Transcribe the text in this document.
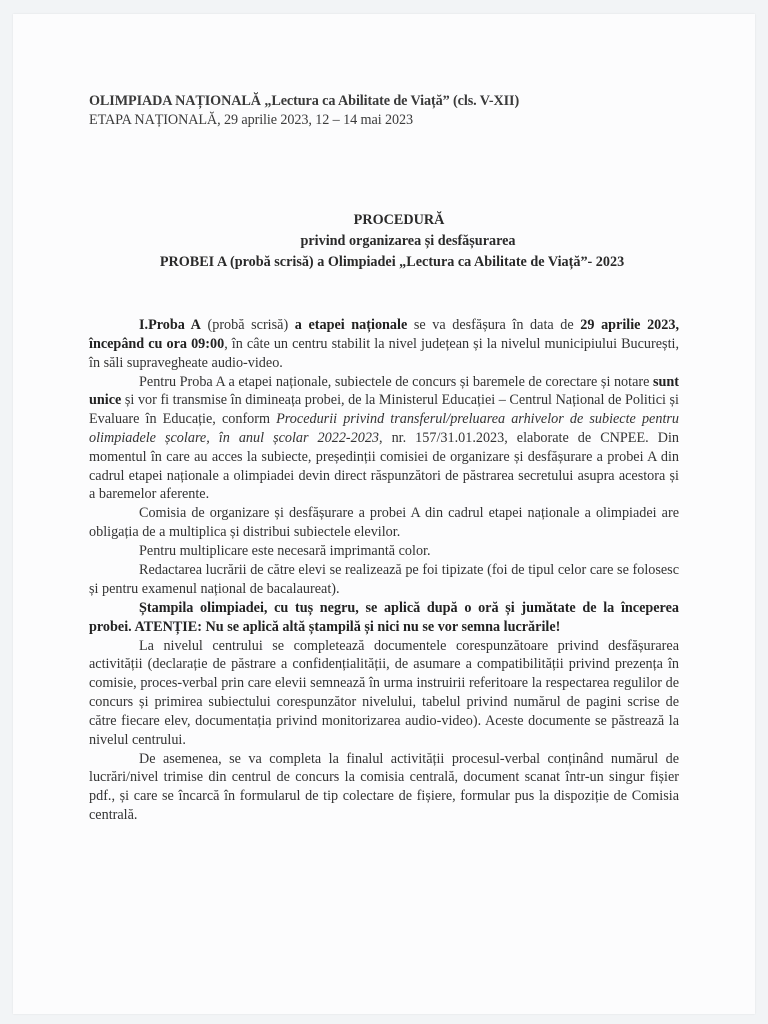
OLIMPIADA NAȚIONALĂ „Lectura ca Abilitate de Viață” (cls. V-XII)
ETAPA NAȚIONALĂ, 29 aprilie 2023, 12 – 14 mai 2023
PROCEDURĂ
privind organizarea și desfășurarea
PROBEI A (probă scrisă) a Olimpiadei „Lectura ca Abilitate de Viață”- 2023

I.Proba A (probă scrisă) a etapei naționale se va desfășura în data de 29 aprilie 2023, începând cu ora 09:00, în câte un centru stabilit la nivel județean și la nivelul municipiului București, în săli supravegheate audio-video.

Pentru Proba A a etapei naționale, subiectele de concurs și baremele de corectare și notare sunt unice și vor fi transmise în dimineața probei, de la Ministerul Educației – Centrul Național de Politici și Evaluare în Educație, conform Procedurii privind transferul/preluarea arhivelor de subiecte pentru olimpiadele școlare, în anul școlar 2022-2023, nr. 157/31.01.2023, elaborate de CNPEE. Din momentul în care au acces la subiecte, președinții comisiei de organizare și desfășurare a probei A din cadrul etapei naționale a olimpiadei devin direct răspunzători de păstrarea secretului asupra acestora și a baremelor aferente.

Comisia de organizare și desfășurare a probei A din cadrul etapei naționale a olimpiadei are obligația de a multiplica și distribui subiectele elevilor.

Pentru multiplicare este necesară imprimantă color.

Redactarea lucrării de către elevi se realizează pe foi tipizate (foi de tipul celor care se folosesc și pentru examenul național de bacalaureat).

Ștampila olimpiadei, cu tuș negru, se aplică după o oră și jumătate de la începerea probei. ATENȚIE: Nu se aplică altă ștampilă și nici nu se vor semna lucrările!

La nivelul centrului se completează documentele corespunzătoare privind desfășurarea activității (declarație de păstrare a confidențialității, de asumare a compatibilității privind prezența în comisie, proces-verbal prin care elevii semnează în urma instruirii referitoare la respectarea regulilor de concurs și primirea subiectului corespunzător nivelului, tabelul privind numărul de pagini scrise de către fiecare elev, documentația privind monitorizarea audio-video). Aceste documente se păstrează la nivelul centrului.

De asemenea, se va completa la finalul activității procesul-verbal conținând numărul de lucrări/nivel trimise din centrul de concurs la comisia centrală, document scanat într-un singur fișier pdf., și care se încarcă în formularul de tip colectare de fișiere, formular pus la dispoziție de Comisia centrală.
